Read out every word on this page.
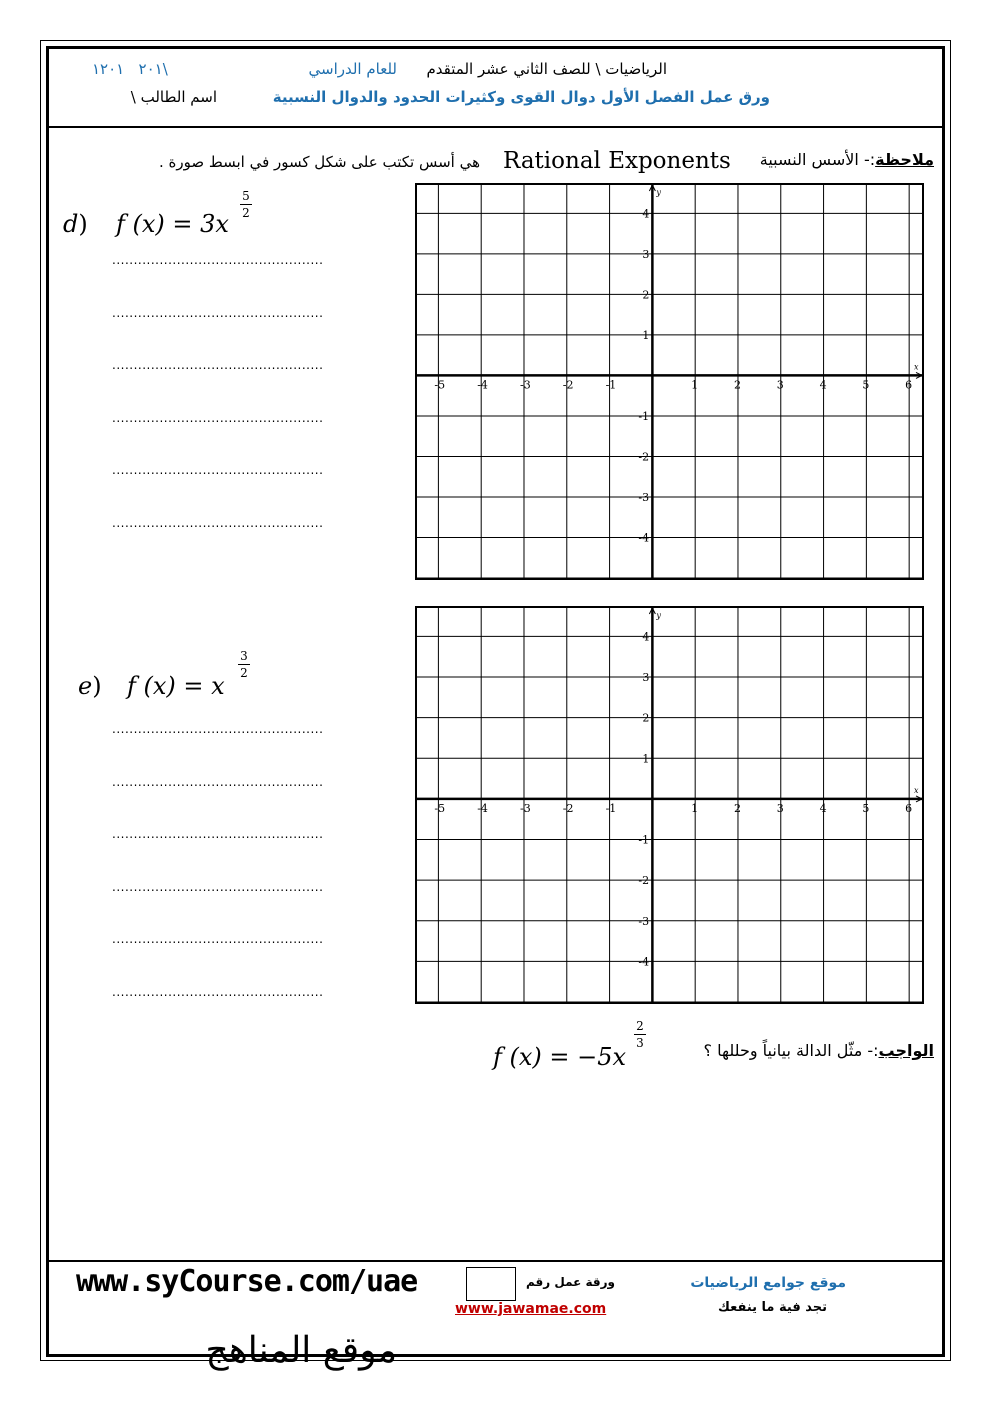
الرياضيات \ للصف الثاني عشر المتقدم
للعام الدراسي
٢٠١   ١٢٠١\
ورق عمل الفصل الأول دوال القوى وكثيرات الحدود والدوال النسبية
اسم الطالب \
ملاحظة:- الأسس النسبية
Rational Exponents
هي أسس تكتب على شكل كسور في ابسط صورة .
d) f (x) = 3x
5
2
.................................................
.................................................
.................................................
.................................................
.................................................
.................................................
e) f (x) = x
3
2
.................................................
.................................................
.................................................
.................................................
.................................................
.................................................
-5	-4	-3	-2	-1	1	2	3	4	5	6
4
3
2
1
-1
-2
-3
-4
x
y
-5	-4	-3	-2	-1	1	2	3	4	5	6
4
3
2
1
-1
-2
-3
-4
x
y
الواجب:- مثّل الدالة بيانياً وحللها ؟
f (x) = −5x
2
3
www.syCourse.com/uae	ورقة عمل رقم	موقع جوامع الرياضيات
تجد فية ما ينفعك
www.jawamae.com
موقع المناهج
